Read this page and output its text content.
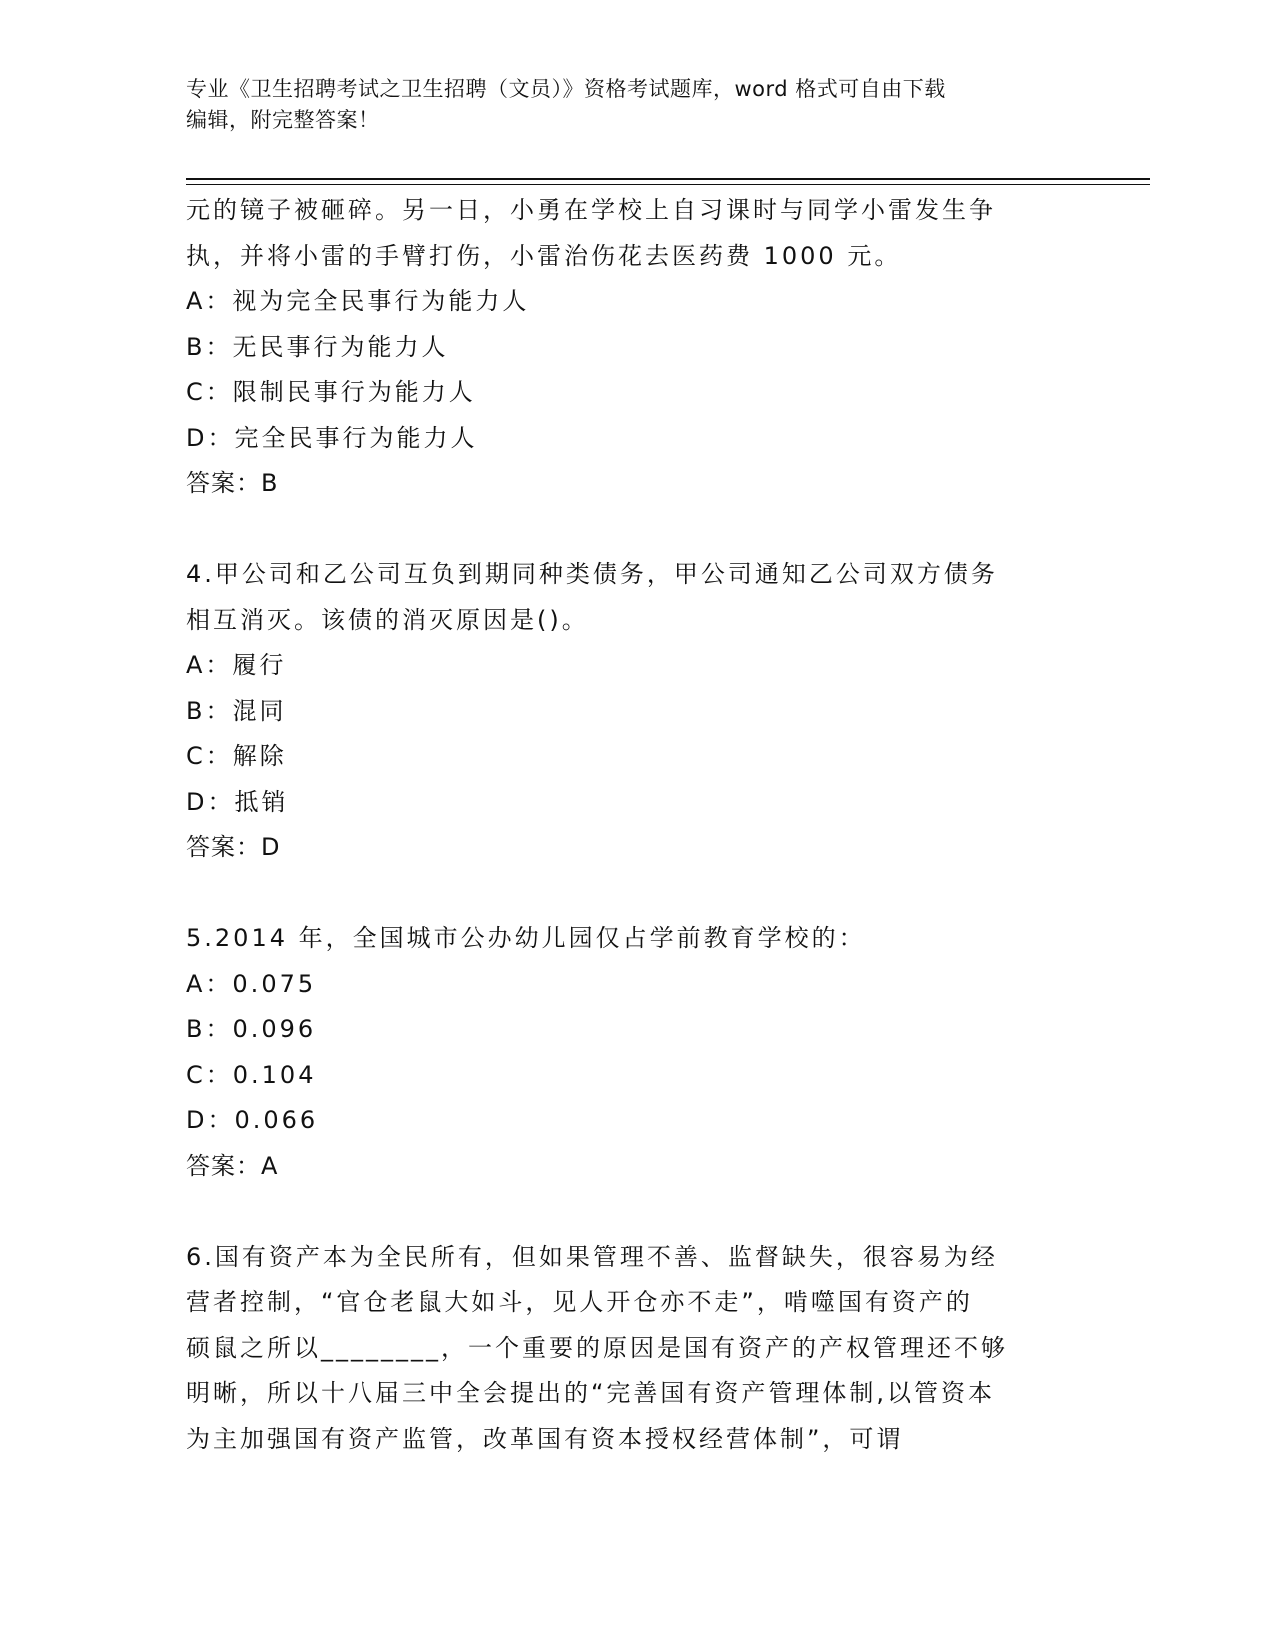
专业《卫生招聘考试之卫生招聘（文员）》资格考试题库，word 格式可自由下载
编辑，附完整答案！
元的镜子被砸碎。另一日，小勇在学校上自习课时与同学小雷发生争
执，并将小雷的手臂打伤，小雷治伤花去医药费 1000 元。
A：视为完全民事行为能力人
B：无民事行为能力人
C：限制民事行为能力人
D：完全民事行为能力人
答案：B
4.甲公司和乙公司互负到期同种类债务，甲公司通知乙公司双方债务
相互消灭。该债的消灭原因是()。
A：履行
B：混同
C：解除
D：抵销
答案：D
5.2014 年，全国城市公办幼儿园仅占学前教育学校的：
A：0.075
B：0.096
C：0.104
D：0.066
答案：A
6.国有资产本为全民所有，但如果管理不善、监督缺失，很容易为经
营者控制，“官仓老鼠大如斗，见人开仓亦不走”，啃噬国有资产的
硕鼠之所以________，一个重要的原因是国有资产的产权管理还不够
明晰，所以十八届三中全会提出的“完善国有资产管理体制,以管资本
为主加强国有资产监管，改革国有资本授权经营体制”，可谓
